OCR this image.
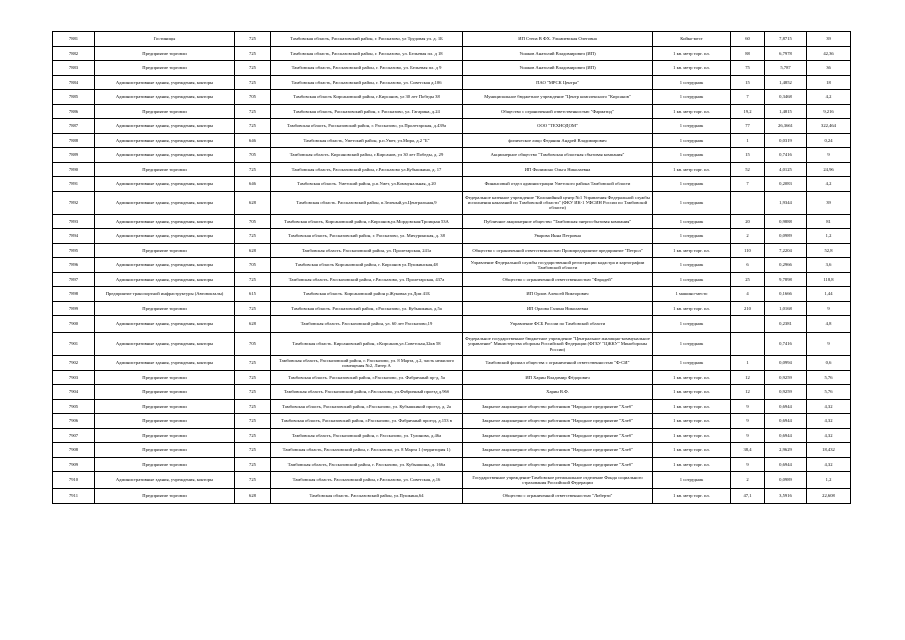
7881	Гостиницы	725	Тамбовская область, Рассказовский район, г. Рассказово, ул Трудовая ул. д. 1Б	ИП Степа В ФХ. Ульмиевская Олеговна	Койко-мест	60	7,8715	39
7882	Предприятие торговли	725	Тамбовская область, Рассказовский район, г. Рассказово, ул. Бельевая пл. д 18	Ушаков Анатолий Владимирович (ИП)	1 кв. метр торг. пл.	88	6,7978	42,36
7883	Предприятие торговли	725	Тамбовская область, Рассказовский район, г. Рассказово, ул. Бельевая пл. д 9	Ушаков Анатолий Владимирович (ИП)	1 кв. метр торг. пл.	75	5,787	36
7884	Административные здания, учреждения, конторы	725	Тамбовская область, Рассказовский район, г. Рассказово, ул. Советская д.106	ПАО "МРСК Центра"	1 сотрудник	15	1,4852	18
7885	Административные здания, учреждения, конторы	705	Тамбовская область Кирсановский район, г.Кирсанов, ул 30 лет Победы 38	Муниципальное бюджетное учреждение "Центр комплексного "Кирсанов"	1 сотрудник	7	0,3468	4,2
7886	Предприятие торговли	725	Тамбовская область, Рассказовский район, г. Рассказово, ул. Гагарина, д.24	Общество с ограниченной ответственностью "Фарматид"	1 кв. метр торг. пл.	19,2	1,4815	9,216
7887	Административные здания, учреждения, конторы	725	Тамбовская область, Рассказовский район, г. Рассказово, ул.Пролетарская, д.439а	ООО "ТЕХНОДОМ"	1 сотрудник	77	26,3661	322,464
7888	Административные здания, учреждения, конторы	646	Тамбовская область, Уметский район, р.п.Умет, ул.Мира, д.2 "Б"	физическое лицо Федянин Андрей Владимирович	1 сотрудник	1	0,0319	0,24
7889	Административные здания, учреждения, конторы	705	Тамбовская область. Кирсановский район, г.Кирсанов, ул 30 лет Победы, д. 29	Акционерное общество "Тамбовская областная сбытовая компания"	1 сотрудник	15	0,7416	9
7890	Предприятие торговли	725	Тамбовская область, Рассказовский район, г.Рассказово ул.Кубышкина, д. 17	ИП Филимоно Ольга Николаевна	1 кв. метр торг. пл.	52	4,0125	24,96
7891	Административные здания, учреждения, конторы	646	Тамбовская область. Уметский район, р.п.Умет, ул.Коммунальная, д.20	Финансовый отдел администрации Уметского района Тамбовской области	1 сотрудник	7	0,2083	4,2
7892	Административные здания, учреждения, конторы	628	Тамбовская область. Рассказовский район, п.Зеленый,ул.Центральная,9	Федеральное казенное учреждение "Колонийный центр №1 Управления Федеральной службы исполнения наказаний по Тамбовской области" (ФКУ ИК-1 УФСИН России по Тамбовской области)	1 сотрудник		1,9344	39
7893	Административные здания, учреждения, конторы	705	Тамбовская область, Кирсановский район, г.Кирсанов,ул.Мордовская/Троицкая 53А	Публичное акционерное общество "Тамбовская энергосбытовая компания"	1 сотрудник	20	0,9888	81
7894	Административные здания, учреждения, конторы	725	Тамбовская область, Рассказовский район, г. Рассказово, ул. Мичуринская, д. 38	Уварова Инна Петровна	1 сотрудник	2	0,0989	1,2
7895	Предприятие торговли	628	Тамбовская область. Рассказовский район, ул. Пролетарская, 241а	Общество с ограниченной ответственностью Промпредприятие предприятие "Петрол"	1 кв. метр торг. пл.	110	7,2204	52,8
7896	Административные здания, учреждения, конторы	705	Тамбовская область Кирсановский район, г. Кирсанов ул.Пушкинская,48	Управление Федеральной службы государственной регистрации кадастра и картографии Тамбовской области	1 сотрудник	6	0,2966	3,6
7897	Административные здания, учреждения, конторы	725	Тамбовская область. Рассказовский район, г.Рассказово, ул. Пролетарская, 437а	Общество с ограниченной ответственностью "Фарадей"	1 сотрудник	25	9,7898	118,8
7898	Предприятие транспортной инфраструктуры (Автовокзалы)	615	Тамбовская область. Кирсановский район р.Жуковка ул.Дом 41Б	ИП Орлов Алексей Викторович	1 машино-место	4	0,1666	1,44
7899	Предприятие торговли	725	Тамбовская область. Рассказовский район, г.Рассказово, ул. Кубышкина, д.5а	ИП Орлова Галина Николаевна	1 кв. метр торг. пл.	210	1,0168	9
7900	Административные здания, учреждения, конторы	628	Тамбовская область. Рассказовский район, ул. 60 лет Рассказово,19	Управление ФСБ России по Тамбовской области	1 сотрудник		0,2381	4,8
7901	Административные здания, учреждения, конторы	705	Тамбовская область. Кирсановский район, г.Кирсанов,ул.Советская,32кв 58	Федеральное государственное бюджетное учреждение "Центральное жилищно-коммунальное управление" Министерства обороны Российской Федерации (ФГБУ "ЦЖКУ" Минобороны России)	1 сотрудник		0,7416	9
7902	Административные здания, учреждения, конторы	725	Тамбовская область, Рассказовский район, г. Рассказово, ул. 8 Марта, д.2, часть нежилого помещения №2, Литер А	Тамбовский филиал общества с ограниченной ответственностью "Ф-СИ"	1 сотрудник	1	0,0994	0,6
7903	Предприятие торговли	725	Тамбовская область. Рассказовский район, г.Рассказово, ул. Фабричный пр-д, 5а	ИП Харин Владимир Фёдорович	1 кв. метр торг. пл.	12	0,9259	5,76
7904	Предприятие торговли	725	Тамбовская область. Рассказовский район, г.Рассказово, ул.Фабричный проезд д.96б	Харин В.Ф.	1 кв. метр торг. пл.	12	0,9259	5,76
7905	Предприятие торговли	725	Тамбовская область, Рассказовский район, г.Рассказово, ул. Кубышкиной проезд, д. 2а	Закрытое акционерное общество работников "Народное предприятие "Хлеб"	1 кв. метр торг. пл.	9	0,6944	4,32
7906	Предприятие торговли	725	Тамбовская область, Рассказовский район, г.Рассказово, ул. Фабричный проезд, д.153 в	Закрытое акционерное общество работников "Народное предприятие "Хлеб"	1 кв. метр торг. пл.	9	0,6944	4,32
7907	Предприятие торговли	725	Тамбовская область, Рассказовский район, г. Рассказово, ул. Тулинова, д.46а	Закрытое акционерное общество работников "Народное предприятие "Хлеб"	1 кв. метр торг. пл.	9	0,6944	4,32
7908	Предприятие торговли	725	Тамбовская область, Рассказовский район, г. Рассказово, ул. 8 Марта 1 (территория 1)	Закрытое акционерное общество работников "Народное предприятие "Хлеб"	1 кв. метр торг. пл.	38,4	2,9629	18,432
7909	Предприятие торговли	725	Тамбовская область, Рассказовский район, г. Рассказово, ул. Кубышкина, д. 166а	Закрытое акционерное общество работников "Народное предприятие "Хлеб"	1 кв. метр торг. пл.	9	0,6944	4,32
7910	Административные здания, учреждения, конторы	725	Тамбовская область. Рассказовский район, г.Рассказово, ул. Советская, д.16	Государственное учреждение-Тамбовское региональное отделение Фонда социального страхования Российской Федерации	1 сотрудник	2	0,0989	1,2
7911	Предприятие торговли	628	Тамбовская область. Рассказовский район, ул.Пушкина,64	Общество с ограниченной ответственностью "Либерти"	1 кв. метр торг. пл.	47,1	3,5916	22,608
